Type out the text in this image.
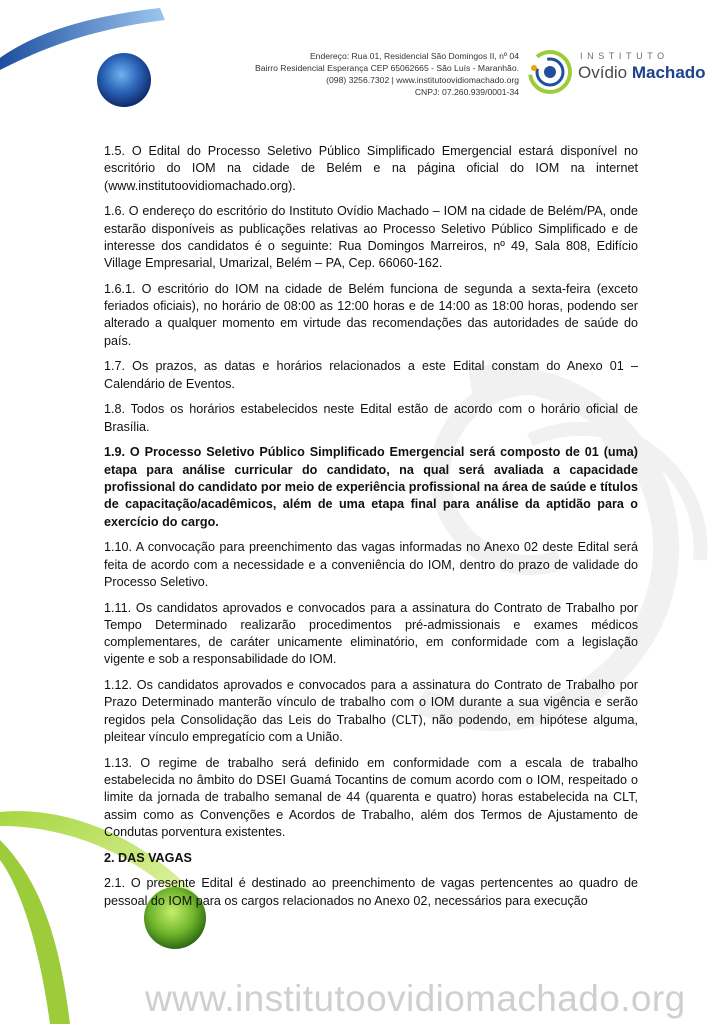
Endereço: Rua 01, Residencial São Domingos II, nº 04
Bairro Residencial Esperança CEP 65062665 - São Luís - Maranhão.
(098) 3256.7302 | www.institutoovidiomachado.org
CNPJ: 07.260.939/0001-34
INSTITUTO
Ovídio Machado

1.5. O Edital do Processo Seletivo Público Simplificado Emergencial estará disponível no escritório do IOM na cidade de Belém e na página oficial do IOM na internet (www.institutoovidiomachado.org).

1.6. O endereço do escritório do Instituto Ovídio Machado – IOM na cidade de Belém/PA, onde estarão disponíveis as publicações relativas ao Processo Seletivo Público Simplificado e de interesse dos candidatos é o seguinte: Rua Domingos Marreiros, nº 49, Sala 808, Edifício Village Empresarial, Umarizal, Belém – PA, Cep. 66060-162.

1.6.1. O escritório do IOM na cidade de Belém funciona de segunda a sexta-feira (exceto feriados oficiais), no horário de 08:00 as 12:00 horas e de 14:00 as 18:00 horas, podendo ser alterado a qualquer momento em virtude das recomendações das autoridades de saúde do país.

1.7. Os prazos, as datas e horários relacionados a este Edital constam do Anexo 01 – Calendário de Eventos.

1.8. Todos os horários estabelecidos neste Edital estão de acordo com o horário oficial de Brasília.

1.9. O Processo Seletivo Público Simplificado Emergencial será composto de 01 (uma) etapa para análise curricular do candidato, na qual será avaliada a capacidade profissional do candidato por meio de experiência profissional na área de saúde e títulos de capacitação/acadêmicos, além de uma etapa final para análise da aptidão para o exercício do cargo.

1.10. A convocação para preenchimento das vagas informadas no Anexo 02 deste Edital será feita de acordo com a necessidade e a conveniência do IOM, dentro do prazo de validade do Processo Seletivo.

1.11. Os candidatos aprovados e convocados para a assinatura do Contrato de Trabalho por Tempo Determinado realizarão procedimentos pré-admissionais e exames médicos complementares, de caráter unicamente eliminatório, em conformidade com a legislação vigente e sob a responsabilidade do IOM.

1.12. Os candidatos aprovados e convocados para a assinatura do Contrato de Trabalho por Prazo Determinado manterão vínculo de trabalho com o IOM durante a sua vigência e serão regidos pela Consolidação das Leis do Trabalho (CLT), não podendo, em hipótese alguma, pleitear vínculo empregatício com a União.

1.13. O regime de trabalho será definido em conformidade com a escala de trabalho estabelecida no âmbito do DSEI Guamá Tocantins de comum acordo com o IOM, respeitado o limite da jornada de trabalho semanal de 44 (quarenta e quatro) horas estabelecida na CLT, assim como as Convenções e Acordos de Trabalho, além dos Termos de Ajustamento de Condutas porventura existentes.

2. DAS VAGAS

2.1. O presente Edital é destinado ao preenchimento de vagas pertencentes ao quadro de pessoal do IOM para os cargos relacionados no Anexo 02, necessários para execução

www.institutoovidiomachado.org
